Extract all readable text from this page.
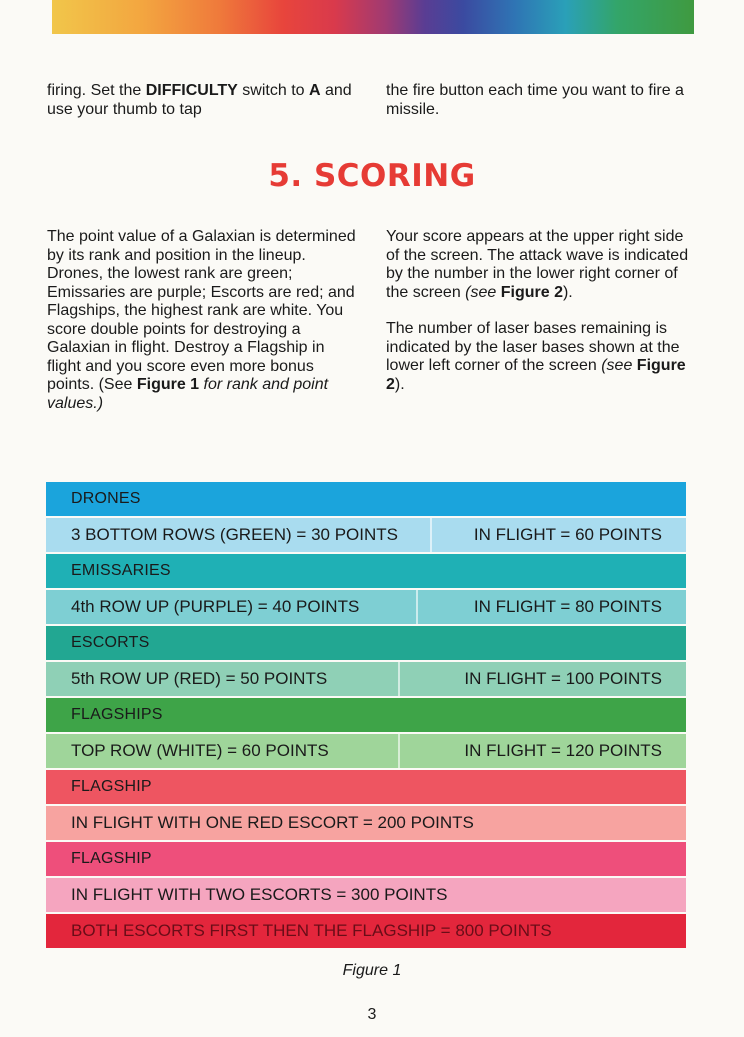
firing. Set the DIFFICULTY switch to A and use your thumb to tap
the fire button each time you want to fire a missile.
5. SCORING

The point value of a Galaxian is determined by its rank and position in the lineup. Drones, the lowest rank are green; Emissaries are purple; Escorts are red; and Flagships, the highest rank are white. You score double points for destroying a Galaxian in flight. Destroy a Flagship in flight and you score even more bonus points. (See Figure 1 for rank and point values.)

Your score appears at the upper right side of the screen. The attack wave is indicated by the number in the lower right corner of the screen (see Figure 2).

The number of laser bases remaining is indicated by the laser bases shown at the lower left corner of the screen (see Figure 2).

DRONES
3 BOTTOM ROWS (GREEN) = 30 POINTS	IN FLIGHT = 60 POINTS
EMISSARIES
4th ROW UP (PURPLE) = 40 POINTS	IN FLIGHT = 80 POINTS
ESCORTS
5th ROW UP (RED) = 50 POINTS	IN FLIGHT = 100 POINTS
FLAGSHIPS
TOP ROW (WHITE) = 60 POINTS	IN FLIGHT = 120 POINTS
FLAGSHIP
IN FLIGHT WITH ONE RED ESCORT = 200 POINTS
FLAGSHIP
IN FLIGHT WITH TWO ESCORTS = 300 POINTS
BOTH ESCORTS FIRST THEN THE FLAGSHIP = 800 POINTS
Figure 1
3
